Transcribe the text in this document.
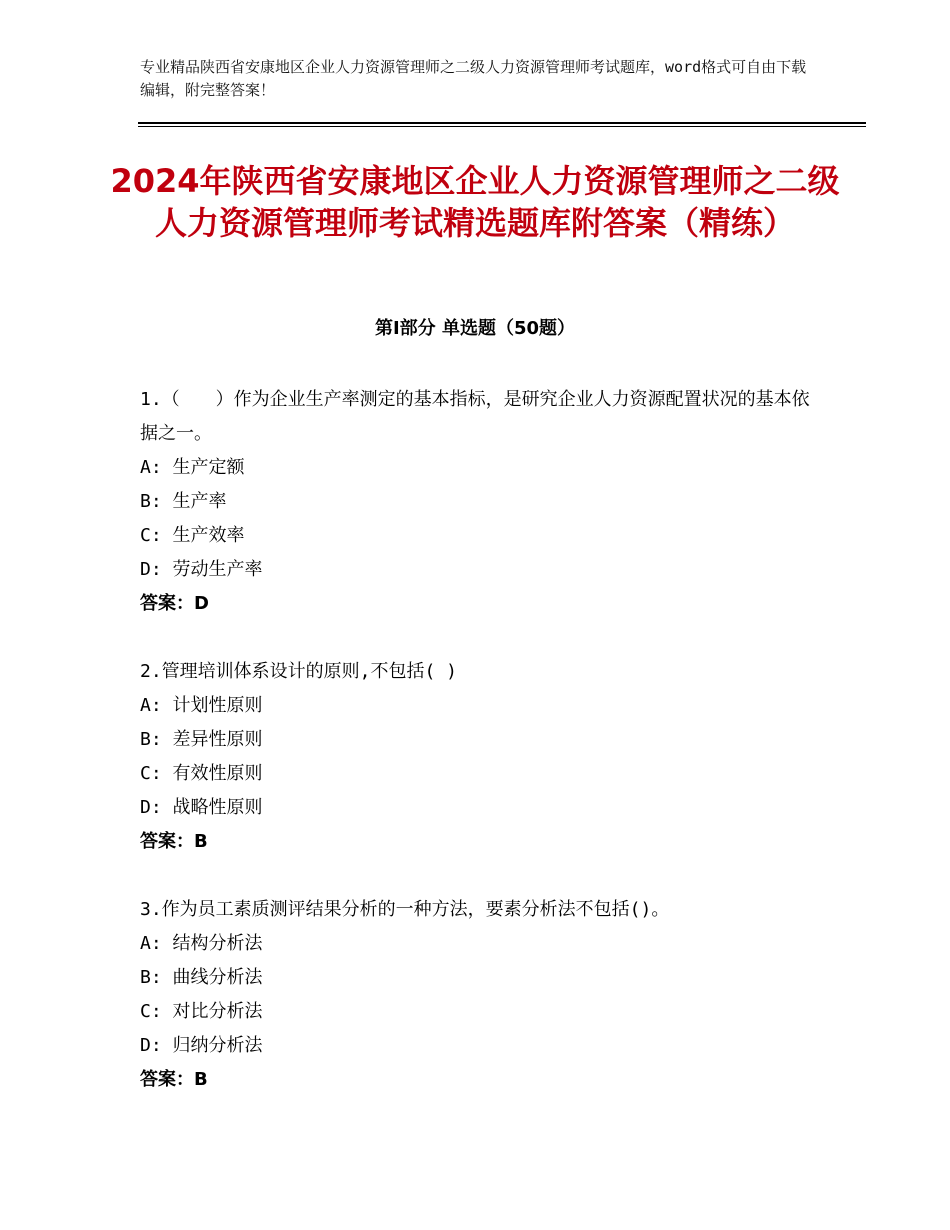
专业精品陕西省安康地区企业人力资源管理师之二级人力资源管理师考试题库，word格式可自由下载编辑，附完整答案！
2024年陕西省安康地区企业人力资源管理师之二级人力资源管理师考试精选题库附答案（精练）
第Ⅰ部分 单选题（50题）

1.（　　）作为企业生产率测定的基本指标，是研究企业人力资源配置状况的基本依据之一。

A: 生产定额

B: 生产率

C: 生产效率

D: 劳动生产率

答案：D

2.管理培训体系设计的原则,不包括( )

A: 计划性原则

B: 差异性原则

C: 有效性原则

D: 战略性原则

答案：B

3.作为员工素质测评结果分析的一种方法，要素分析法不包括()。

A: 结构分析法

B: 曲线分析法

C: 对比分析法

D: 归纳分析法

答案：B
